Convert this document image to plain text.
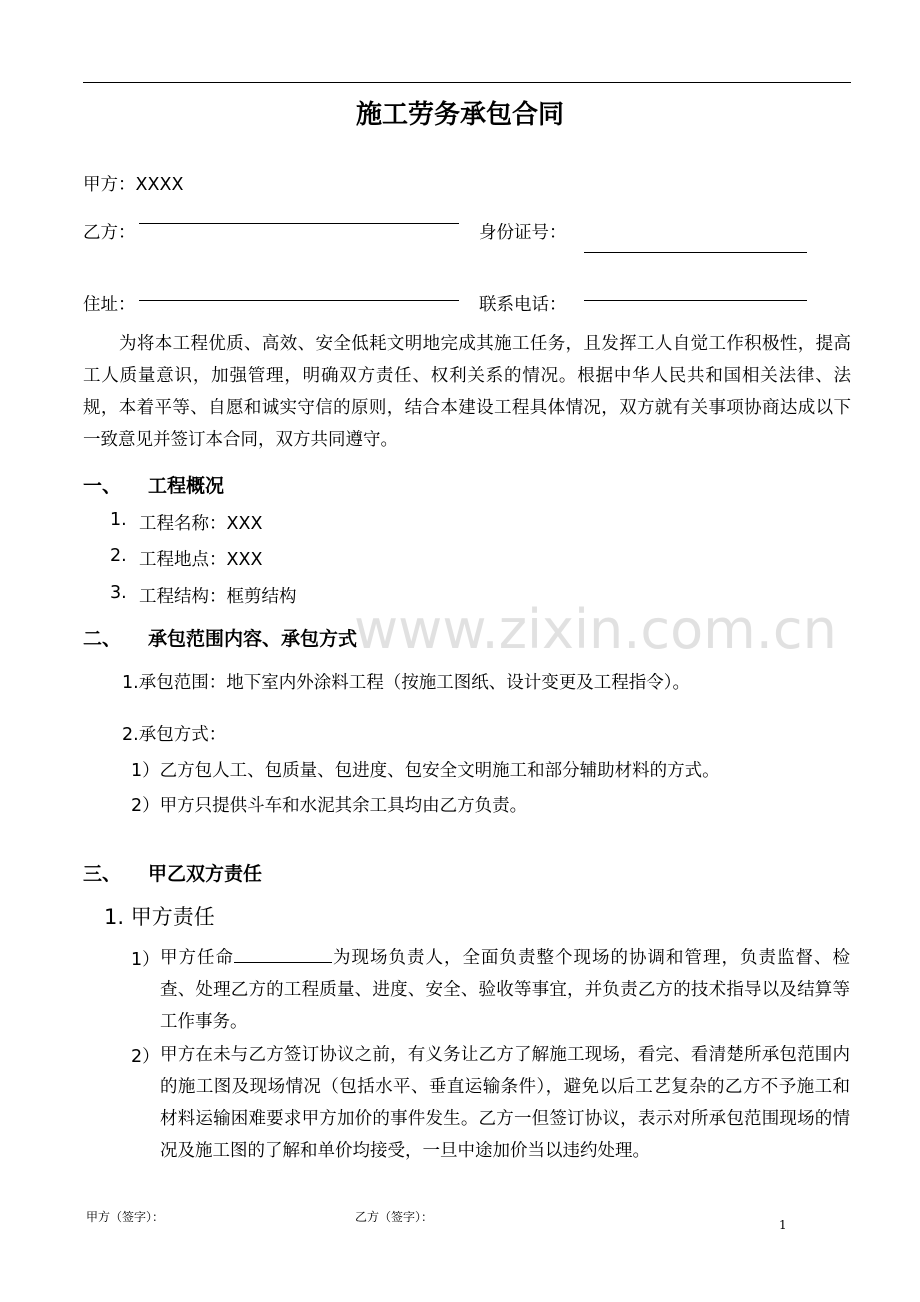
施工劳务承包合同
甲方：XXXX
乙方：	身份证号：
住址：	联系电话：
为将本工程优质、高效、安全低耗文明地完成其施工任务，且发挥工人自觉工作积极性，提高工人质量意识，加强管理，明确双方责任、权利关系的情况。根据中华人民共和国相关法律、法规，本着平等、自愿和诚实守信的原则，结合本建设工程具体情况，双方就有关事项协商达成以下一致意见并签订本合同，双方共同遵守。
一、 工程概况
1. 工程名称：XXX
2. 工程地点：XXX
3. 工程结构：框剪结构
二、 承包范围内容、承包方式
1.承包范围：地下室内外涂料工程（按施工图纸、设计变更及工程指令）。
2.承包方式：
1）乙方包人工、包质量、包进度、包安全文明施工和部分辅助材料的方式。
2）甲方只提供斗车和水泥其余工具均由乙方负责。
三、 甲乙双方责任
1. 甲方责任
1） 甲方任命	为现场负责人，全面负责整个现场的协调和管理，负责监督、检查、处理乙方的工程质量、进度、安全、验收等事宜，并负责乙方的技术指导以及结算等工作事务。
2） 甲方在未与乙方签订协议之前，有义务让乙方了解施工现场，看完、看清楚所承包范围内的施工图及现场情况（包括水平、垂直运输条件），避免以后工艺复杂的乙方不予施工和材料运输困难要求甲方加价的事件发生。乙方一但签订协议，表示对所承包范围现场的情况及施工图的了解和单价均接受，一旦中途加价当以违约处理。
www.zixin.com.cn
甲方（签字）：	乙方（签字）：
1
